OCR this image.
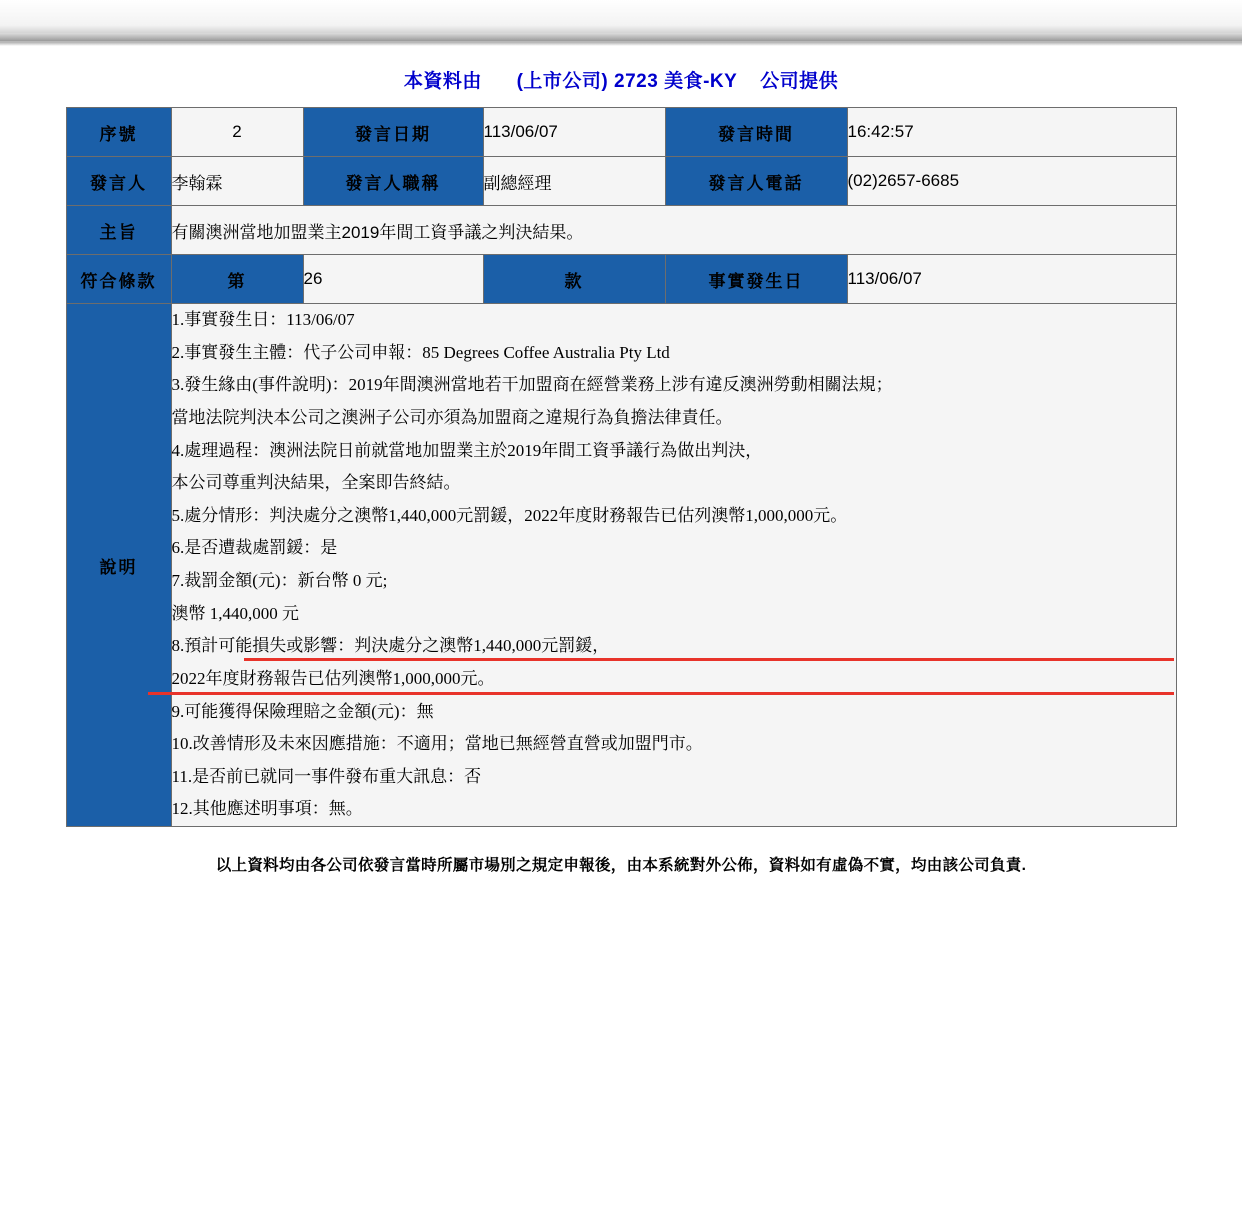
本資料由 (上市公司) 2723 美食-KY 公司提供
序號	2	發言日期	113/06/07	發言時間	16:42:57
發言人	李翰霖	發言人職稱	副總經理	發言人電話	(02)2657-6685
主旨	有關澳洲當地加盟業主2019年間工資爭議之判決結果。				
符合條款	第	26	款	事實發生日	113/06/07
說明	
1.事實發生日：113/06/07
2.事實發生主體：代子公司申報：85 Degrees Coffee Australia Pty Ltd
3.發生緣由(事件說明)：2019年間澳洲當地若干加盟商在經營業務上涉有違反澳洲勞動相關法規；
當地法院判決本公司之澳洲子公司亦須為加盟商之違規行為負擔法律責任。
4.處理過程：澳洲法院日前就當地加盟業主於2019年間工資爭議行為做出判決，
本公司尊重判決結果，全案即告終結。
5.處分情形：判決處分之澳幣1,440,000元罰鍰，2022年度財務報告已估列澳幣1,000,000元。
6.是否遭裁處罰鍰：是
7.裁罰金額(元)：新台幣 0 元;
澳幣 1,440,000 元
8.預計可能損失或影響：判決處分之澳幣1,440,000元罰鍰，
2022年度財務報告已估列澳幣1,000,000元。
9.可能獲得保險理賠之金額(元)：無
10.改善情形及未來因應措施：不適用；當地已無經營直營或加盟門市。
11.是否前已就同一事件發布重大訊息：否
12.其他應述明事項：無。
以上資料均由各公司依發言當時所屬市場別之規定申報後，由本系統對外公佈，資料如有虛偽不實，均由該公司負責.
